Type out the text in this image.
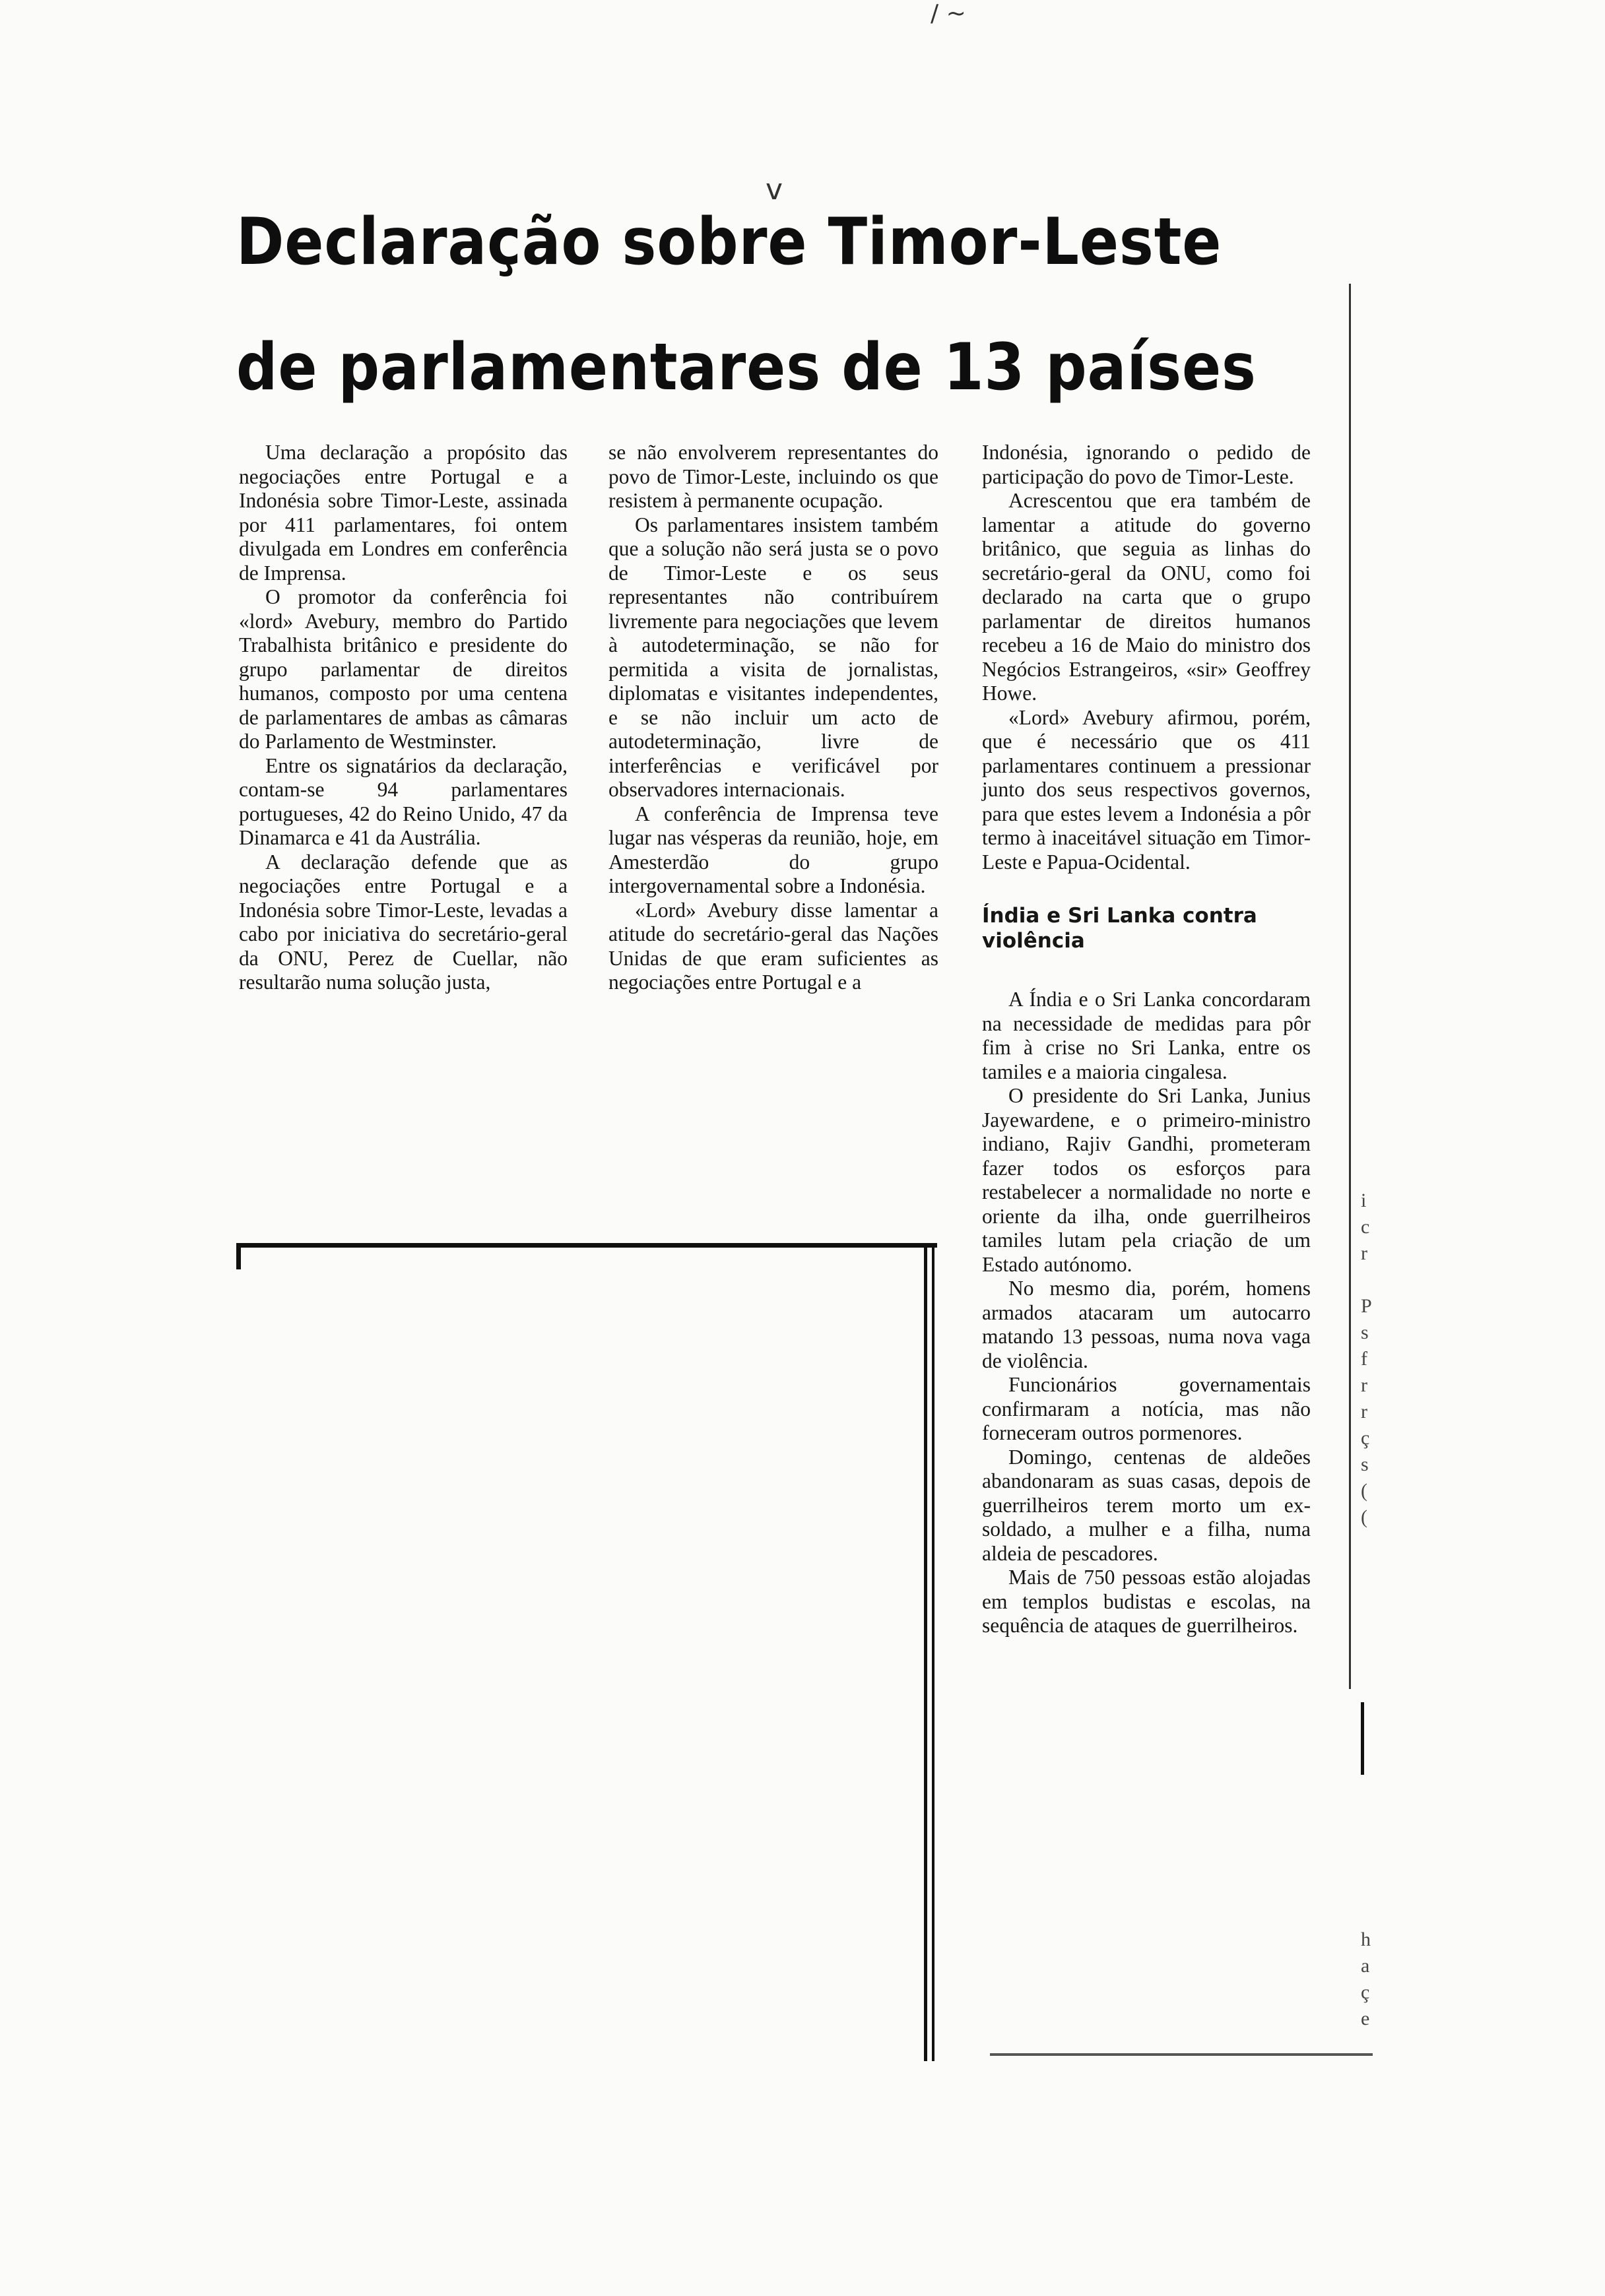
Declaração sobre Timor-Leste
de parlamentares de 13 países

Uma declaração a propósito das negociações entre Portugal e a Indonésia sobre Timor-Leste, assinada por 411 parlamentares, foi ontem divulgada em Londres em conferência de Imprensa.

O promotor da conferência foi «lord» Avebury, membro do Partido Trabalhista britânico e presidente do grupo parlamentar de direitos humanos, composto por uma centena de parlamentares de ambas as câmaras do Parlamento de Westminster.

Entre os signatários da declaração, contam-se 94 parlamentares portugueses, 42 do Reino Unido, 47 da Dinamarca e 41 da Austrália.

A declaração defende que as negociações entre Portugal e a Indonésia sobre Timor-Leste, levadas a cabo por iniciativa do secretário-geral da ONU, Perez de Cuellar, não resultarão numa solução justa,

se não envolverem representantes do povo de Timor-Leste, incluindo os que resistem à permanente ocupação.

Os parlamentares insistem também que a solução não será justa se o povo de Timor-Leste e os seus representantes não contribuírem livremente para negociações que levem à autodeterminação, se não for permitida a visita de jornalistas, diplomatas e visitantes independentes, e se não incluir um acto de autodeterminação, livre de interferências e verificável por observadores internacionais.

A conferência de Imprensa teve lugar nas vésperas da reunião, hoje, em Amesterdão do grupo intergovernamental sobre a Indonésia.

«Lord» Avebury disse lamentar a atitude do secretário-geral das Nações Unidas de que eram suficientes as negociações entre Portugal e a

Indonésia, ignorando o pedido de participação do povo de Timor-Leste.

Acrescentou que era também de lamentar a atitude do governo britânico, que seguia as linhas do secretário-geral da ONU, como foi declarado na carta que o grupo parlamentar de direitos humanos recebeu a 16 de Maio do ministro dos Negócios Estrangeiros, «sir» Geoffrey Howe.

«Lord» Avebury afirmou, porém, que é necessário que os 411 parlamentares continuem a pressionar junto dos seus respectivos governos, para que estes levem a Indonésia a pôr termo à inaceitável situação em Timor-Leste e Papua-Ocidental.

Índia e Sri Lanka contra violência

A Índia e o Sri Lanka concordaram na necessidade de medidas para pôr fim à crise no Sri Lanka, entre os tamiles e a maioria cingalesa.

O presidente do Sri Lanka, Junius Jayewardene, e o primeiro-ministro indiano, Rajiv Gandhi, prometeram fazer todos os esforços para restabelecer a normalidade no norte e oriente da ilha, onde guerrilheiros tamiles lutam pela criação de um Estado autónomo.

No mesmo dia, porém, homens armados atacaram um autocarro matando 13 pessoas, numa nova vaga de violência.

Funcionários governamentais confirmaram a notícia, mas não forneceram outros pormenores.

Domingo, centenas de aldeões abandonaram as suas casas, depois de guerrilheiros terem morto um ex-soldado, a mulher e a filha, numa aldeia de pescadores.

Mais de 750 pessoas estão alojadas em templos budistas e escolas, na sequência de ataques de guerrilheiros.

i
c
r
P
s
f
r
r
ç
s
(
(
h
a
ç
e
v
/ ~
